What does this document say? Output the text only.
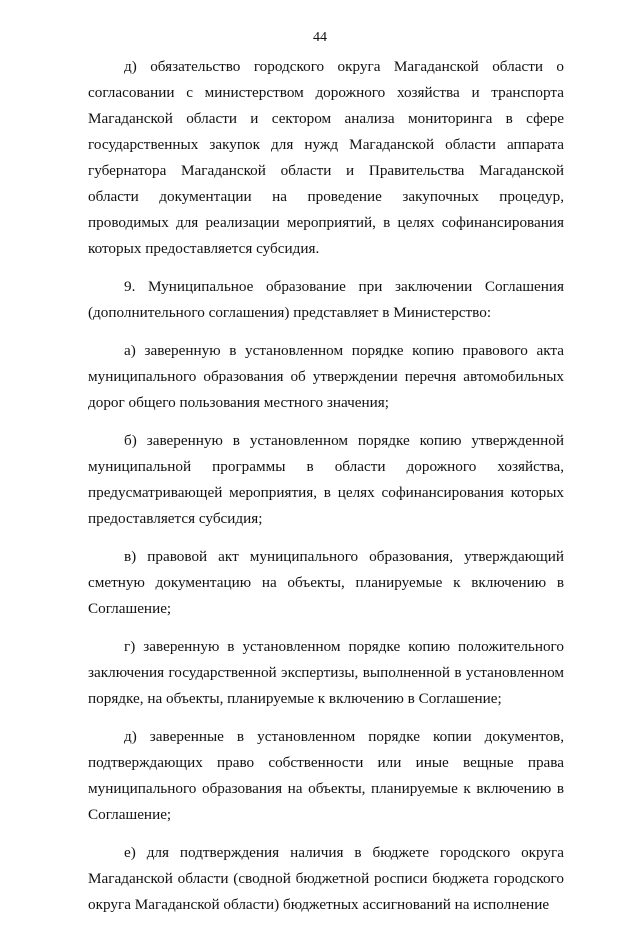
44

д) обязательство городского округа Магаданской области о согласовании с министерством дорожного хозяйства и транспорта Магаданской области и сектором анализа мониторинга в сфере государственных закупок для нужд Магаданской области аппарата губернатора Магаданской области и Правительства Магаданской области документации на проведение закупочных процедур, проводимых для реализации мероприятий, в целях софинансирования которых предоставляется субсидия.

9. Муниципальное образование при заключении Соглашения (дополнительного соглашения) представляет в Министерство:

а) заверенную в установленном порядке копию правового акта муниципального образования об утверждении перечня автомобильных дорог общего пользования местного значения;

б) заверенную в установленном порядке копию утвержденной муниципальной программы в области дорожного хозяйства, предусматривающей мероприятия, в целях софинансирования которых предоставляется субсидия;

в) правовой акт муниципального образования, утверждающий сметную документацию на объекты, планируемые к включению в Соглашение;

г) заверенную в установленном порядке копию положительного заключения государственной экспертизы, выполненной в установленном порядке, на объекты, планируемые к включению в Соглашение;

д) заверенные в установленном порядке копии документов, подтверждающих право собственности или иные вещные права муниципального образования на объекты, планируемые к включению в Соглашение;

е) для подтверждения наличия в бюджете городского округа Магаданской области (сводной бюджетной росписи бюджета городского округа Магаданской области) бюджетных ассигнований на исполнение
